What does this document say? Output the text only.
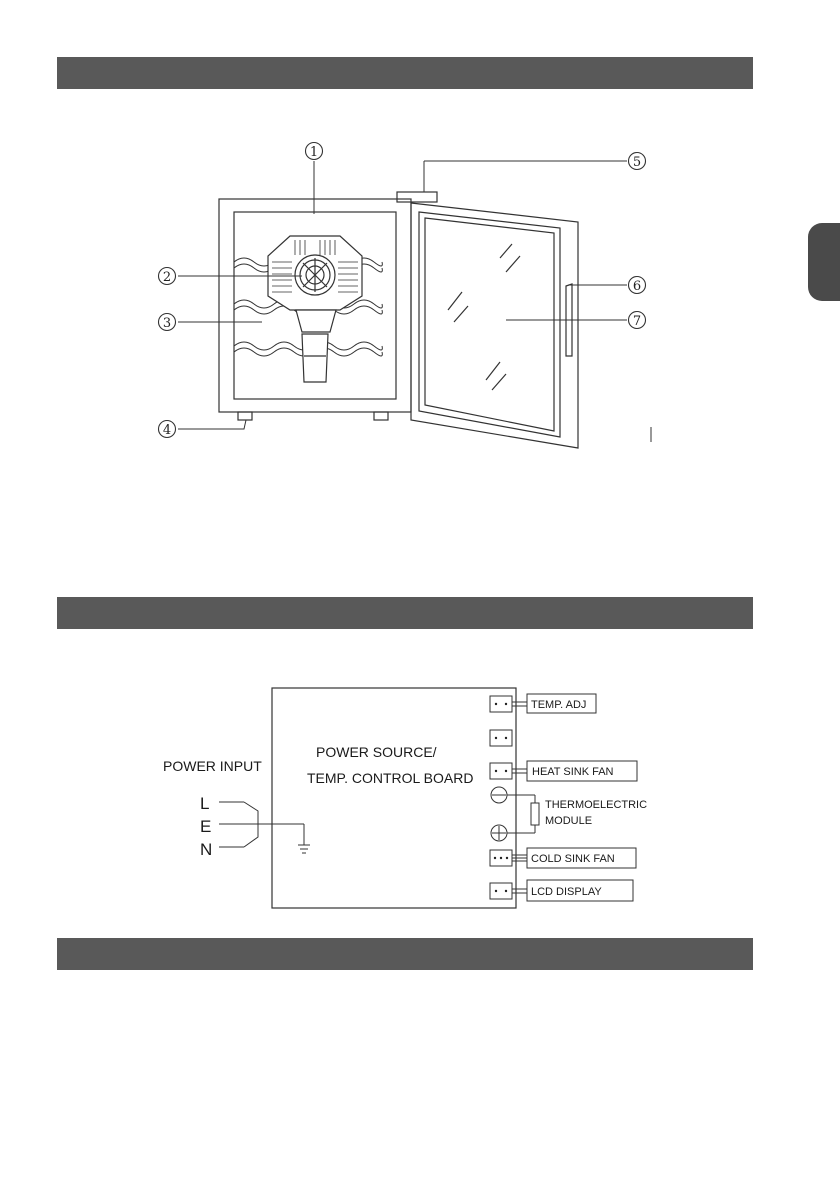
1
5
2
3
4
6
7
POWER INPUT
POWER SOURCE/
TEMP. CONTROL BOARD
L
E
N
TEMP. ADJ
HEAT SINK FAN
THERMOELECTRIC
MODULE
COLD SINK FAN
LCD DISPLAY
